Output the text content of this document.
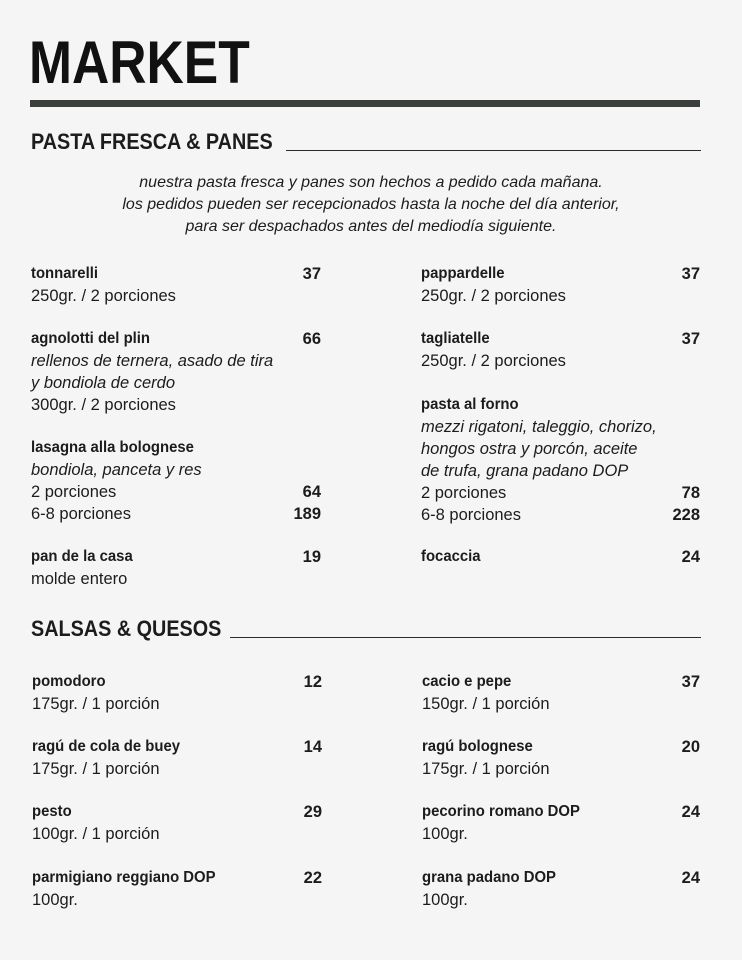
MARKET
PASTA FRESCA & PANES
nuestra pasta fresca y panes son hechos a pedido cada mañana.
los pedidos pueden ser recepcionados hasta la noche del día anterior,
para ser despachados antes del mediodía siguiente.
tonnarelli	37
250gr. / 2 porciones
agnolotti del plin	66
rellenos de ternera, asado de tira
y bondiola de cerdo
300gr. / 2 porciones
lasagna alla bolognese
bondiola, panceta y res
2 porciones	64
6-8 porciones	189
pan de la casa	19
molde entero
pappardelle	37
250gr. / 2 porciones
tagliatelle	37
250gr. / 2 porciones
pasta al forno
mezzi rigatoni, taleggio, chorizo,
hongos ostra y porcón, aceite
de trufa, grana padano DOP
2 porciones	78
6-8 porciones	228
focaccia	24
SALSAS & QUESOS
pomodoro	12
175gr. / 1 porción
ragú de cola de buey	14
175gr. / 1 porción
pesto	29
100gr. / 1 porción
parmigiano reggiano DOP	22
100gr.
cacio e pepe	37
150gr. / 1 porción
ragú bolognese	20
175gr. / 1 porción
pecorino romano DOP	24
100gr.
grana padano DOP	24
100gr.
